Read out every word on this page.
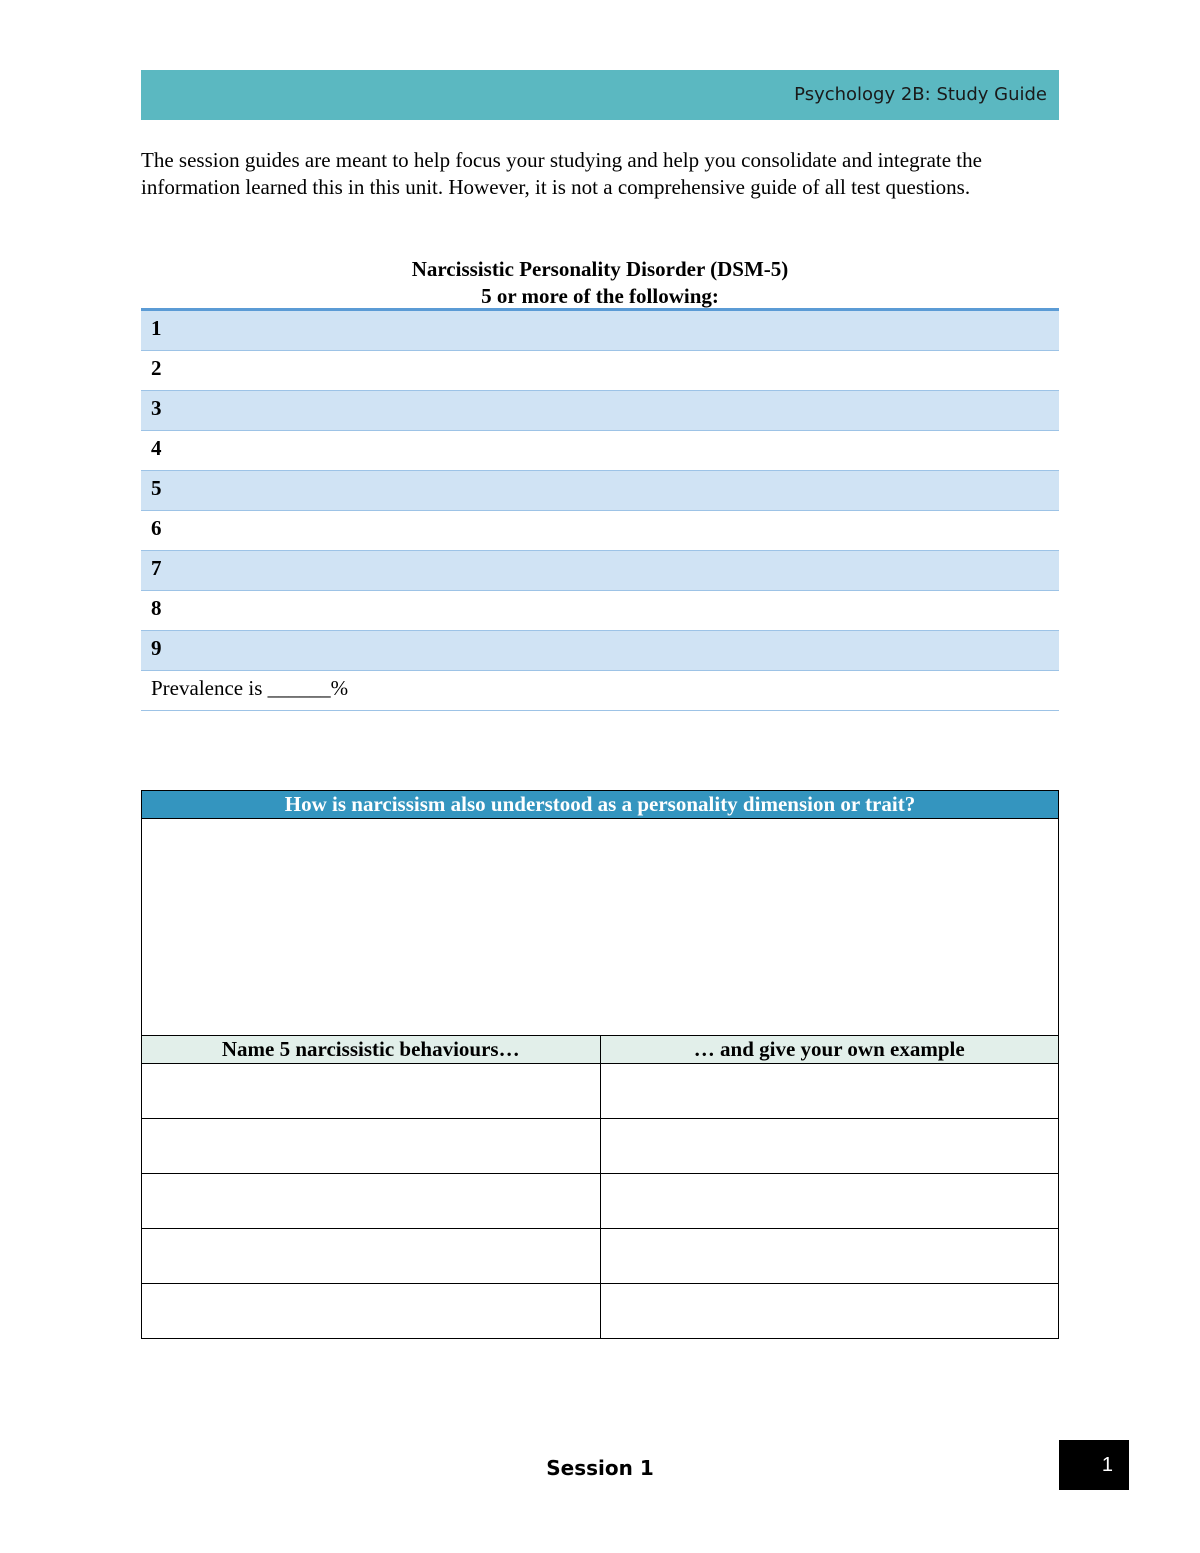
Psychology 2B: Study Guide

The session guides are meant to help focus your studying and help you consolidate and integrate the information learned this in this unit. However, it is not a comprehensive guide of all test questions.

Narcissistic Personality Disorder (DSM-5)
5 or more of the following:
1
2
3
4
5
6
7
8
9
Prevalence is ______%
How is narcissism also understood as a personality dimension or trait?	

Name 5 narcissistic behaviours…	… and give your own example

Session 1	1
